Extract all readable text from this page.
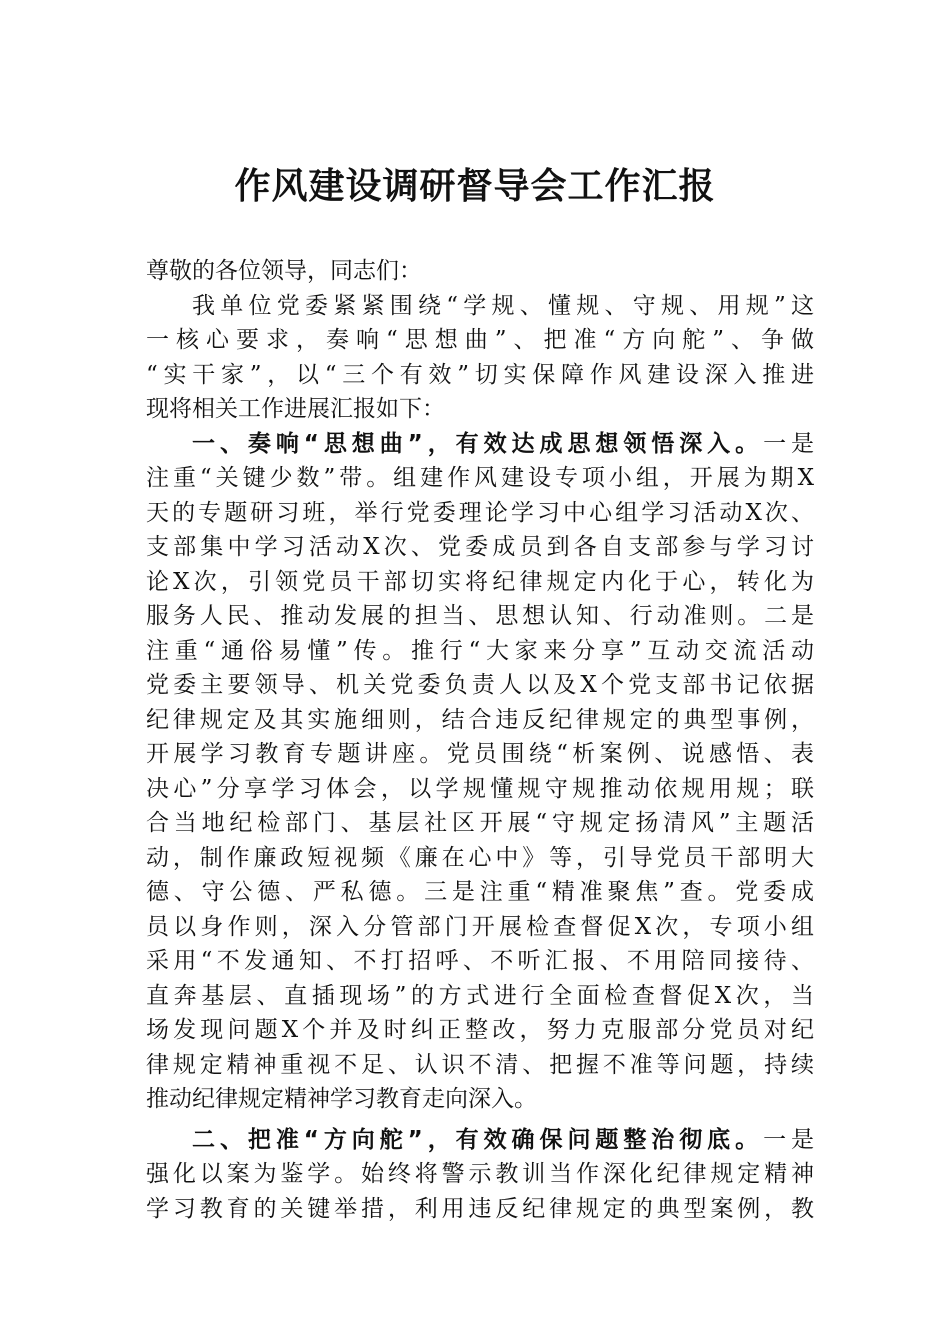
作风建设调研督导会工作汇报
尊敬的各位领导，同志们：
我单位党委紧紧围绕“学规、懂规、守规、用规”这
一核心要求，奏响“思想曲”、把准“方向舵”、争做
“实干家”，以“三个有效”切实保障作风建设深入推进
现将相关工作进展汇报如下：
一、奏响“思想曲”，有效达成思想领悟深入。一是
注重“关键少数”带。组建作风建设专项小组，开展为期X
天的专题研习班，举行党委理论学习中心组学习活动X次、
支部集中学习活动X次、党委成员到各自支部参与学习讨
论X次，引领党员干部切实将纪律规定内化于心，转化为
服务人民、推动发展的担当、思想认知、行动准则。二是
注重“通俗易懂”传。推行“大家来分享”互动交流活动
党委主要领导、机关党委负责人以及X个党支部书记依据
纪律规定及其实施细则，结合违反纪律规定的典型事例，
开展学习教育专题讲座。党员围绕“析案例、说感悟、表
决心”分享学习体会，以学规懂规守规推动依规用规；联
合当地纪检部门、基层社区开展“守规定扬清风”主题活
动，制作廉政短视频《廉在心中》等，引导党员干部明大
德、守公德、严私德。三是注重“精准聚焦”查。党委成
员以身作则，深入分管部门开展检查督促X次，专项小组
采用“不发通知、不打招呼、不听汇报、不用陪同接待、
直奔基层、直插现场”的方式进行全面检查督促X次，当
场发现问题X个并及时纠正整改，努力克服部分党员对纪
律规定精神重视不足、认识不清、把握不准等问题，持续
推动纪律规定精神学习教育走向深入。
二、把准“方向舵”，有效确保问题整治彻底。一是
强化以案为鉴学。始终将警示教训当作深化纪律规定精神
学习教育的关键举措，利用违反纪律规定的典型案例，教
